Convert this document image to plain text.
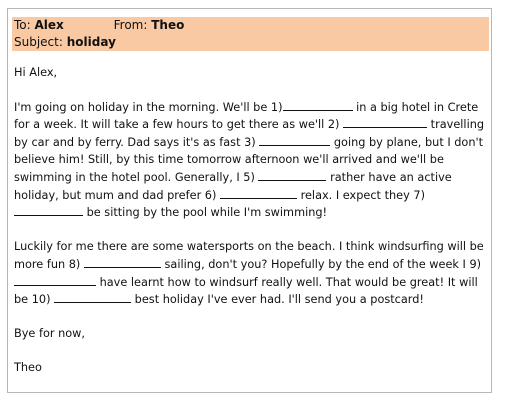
To: Alex	From: Theo
Subject: holiday

Hi Alex,

I'm going on holiday in the morning. We'll be 1)	in a big hotel in Crete for a week. It will take a few hours to get there as we'll 2)	travelling by car and by ferry. Dad says it's as fast 3)	going by plane, but I don't believe him! Still, by this time tomorrow afternoon we'll arrived and we'll be swimming in the hotel pool. Generally, I 5)	rather have an active holiday, but mum and dad prefer 6)	relax. I expect they 7)  be sitting by the pool while I'm swimming!

Luckily for me there are some watersports on the beach. I think windsurfing will be more fun 8)	sailing, don't you? Hopefully by the end of the week I 9)  have learnt how to windsurf really well. That would be great! It will be 10)	best holiday I've ever had. I'll send you a postcard!

Bye for now,

Theo
